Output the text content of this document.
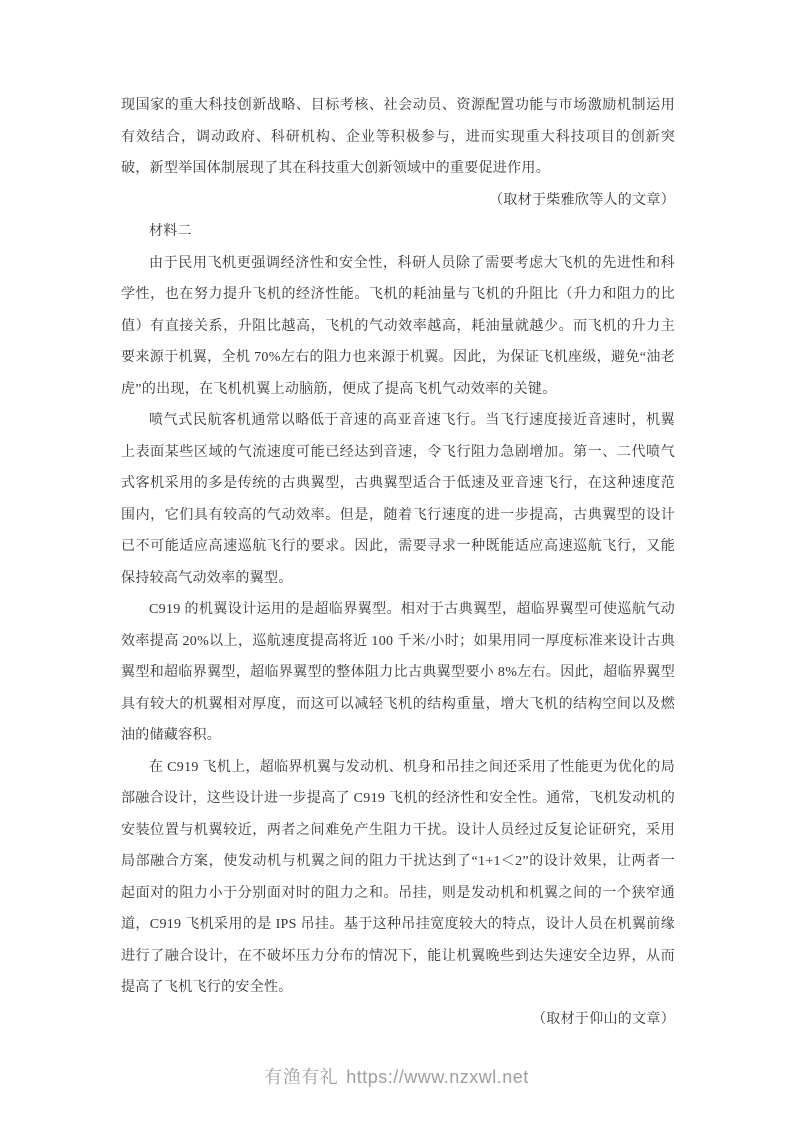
现国家的重大科技创新战略、目标考核、社会动员、资源配置功能与市场激励机制运用有效结合，调动政府、科研机构、企业等积极参与，进而实现重大科技项目的创新突破，新型举国体制展现了其在科技重大创新领域中的重要促进作用。

（取材于柴雅欣等人的文章）

材料二

由于民用飞机更强调经济性和安全性，科研人员除了需要考虑大飞机的先进性和科学性，也在努力提升飞机的经济性能。飞机的耗油量与飞机的升阻比（升力和阻力的比值）有直接关系，升阻比越高，飞机的气动效率越高，耗油量就越少。而飞机的升力主要来源于机翼，全机 70%左右的阻力也来源于机翼。因此，为保证飞机座级，避免“油老虎”的出现，在飞机机翼上动脑筋，便成了提高飞机气动效率的关键。

喷气式民航客机通常以略低于音速的高亚音速飞行。当飞行速度接近音速时，机翼上表面某些区域的气流速度可能已经达到音速，令飞行阻力急剧增加。第一、二代喷气式客机采用的多是传统的古典翼型，古典翼型适合于低速及亚音速飞行，在这种速度范围内，它们具有较高的气动效率。但是，随着飞行速度的进一步提高，古典翼型的设计已不可能适应高速巡航飞行的要求。因此，需要寻求一种既能适应高速巡航飞行，又能保持较高气动效率的翼型。

C919 的机翼设计运用的是超临界翼型。相对于古典翼型，超临界翼型可使巡航气动效率提高 20%以上，巡航速度提高将近 100 千米/小时；如果用同一厚度标准来设计古典翼型和超临界翼型，超临界翼型的整体阻力比古典翼型要小 8%左右。因此，超临界翼型具有较大的机翼相对厚度，而这可以减轻飞机的结构重量，增大飞机的结构空间以及燃油的储藏容积。

在 C919 飞机上，超临界机翼与发动机、机身和吊挂之间还采用了性能更为优化的局部融合设计，这些设计进一步提高了 C919 飞机的经济性和安全性。通常，飞机发动机的安装位置与机翼较近，两者之间难免产生阻力干扰。设计人员经过反复论证研究，采用局部融合方案，使发动机与机翼之间的阻力干扰达到了“1+1＜2”的设计效果，让两者一起面对的阻力小于分别面对时的阻力之和。吊挂，则是发动机和机翼之间的一个狭窄通道，C919 飞机采用的是 IPS 吊挂。基于这种吊挂宽度较大的特点，设计人员在机翼前缘进行了融合设计，在不破坏压力分布的情况下，能让机翼晚些到达失速安全边界，从而提高了飞机飞行的安全性。

（取材于仰山的文章）

有渔有礼 https://www.nzxwl.net
